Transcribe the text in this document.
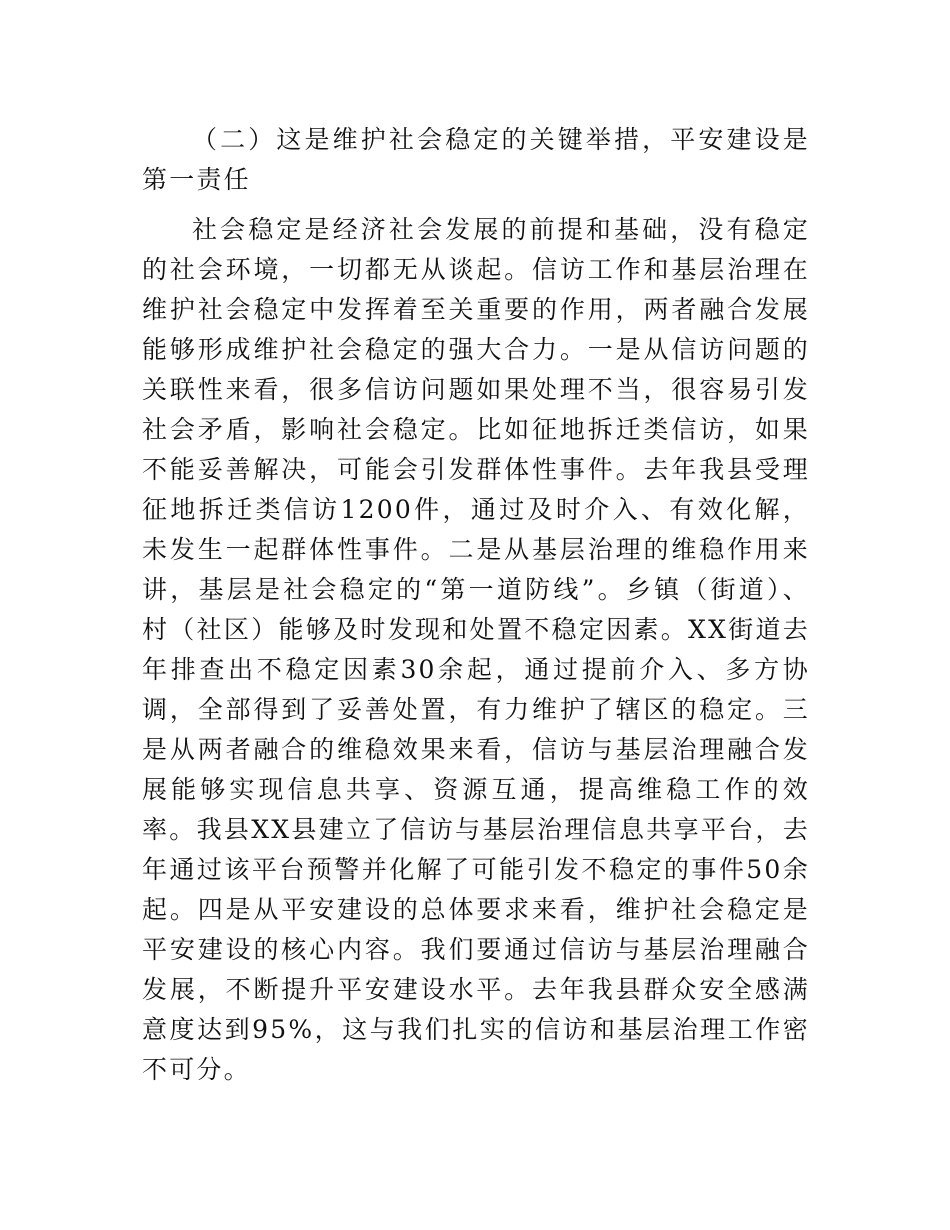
（二）这是维护社会稳定的关键举措，平安建设是第一责任

社会稳定是经济社会发展的前提和基础，没有稳定的社会环境，一切都无从谈起。信访工作和基层治理在维护社会稳定中发挥着至关重要的作用，两者融合发展能够形成维护社会稳定的强大合力。一是从信访问题的关联性来看，很多信访问题如果处理不当，很容易引发社会矛盾，影响社会稳定。比如征地拆迁类信访，如果不能妥善解决，可能会引发群体性事件。去年我县受理征地拆迁类信访1200件，通过及时介入、有效化解，未发生一起群体性事件。二是从基层治理的维稳作用来讲，基层是社会稳定的“第一道防线”。乡镇（街道）、村（社区）能够及时发现和处置不稳定因素。XX街道去年排查出不稳定因素30余起，通过提前介入、多方协调，全部得到了妥善处置，有力维护了辖区的稳定。三是从两者融合的维稳效果来看，信访与基层治理融合发展能够实现信息共享、资源互通，提高维稳工作的效率。我县XX县建立了信访与基层治理信息共享平台，去年通过该平台预警并化解了可能引发不稳定的事件50余起。四是从平安建设的总体要求来看，维护社会稳定是平安建设的核心内容。我们要通过信访与基层治理融合发展，不断提升平安建设水平。去年我县群众安全感满意度达到95%，这与我们扎实的信访和基层治理工作密不可分。
